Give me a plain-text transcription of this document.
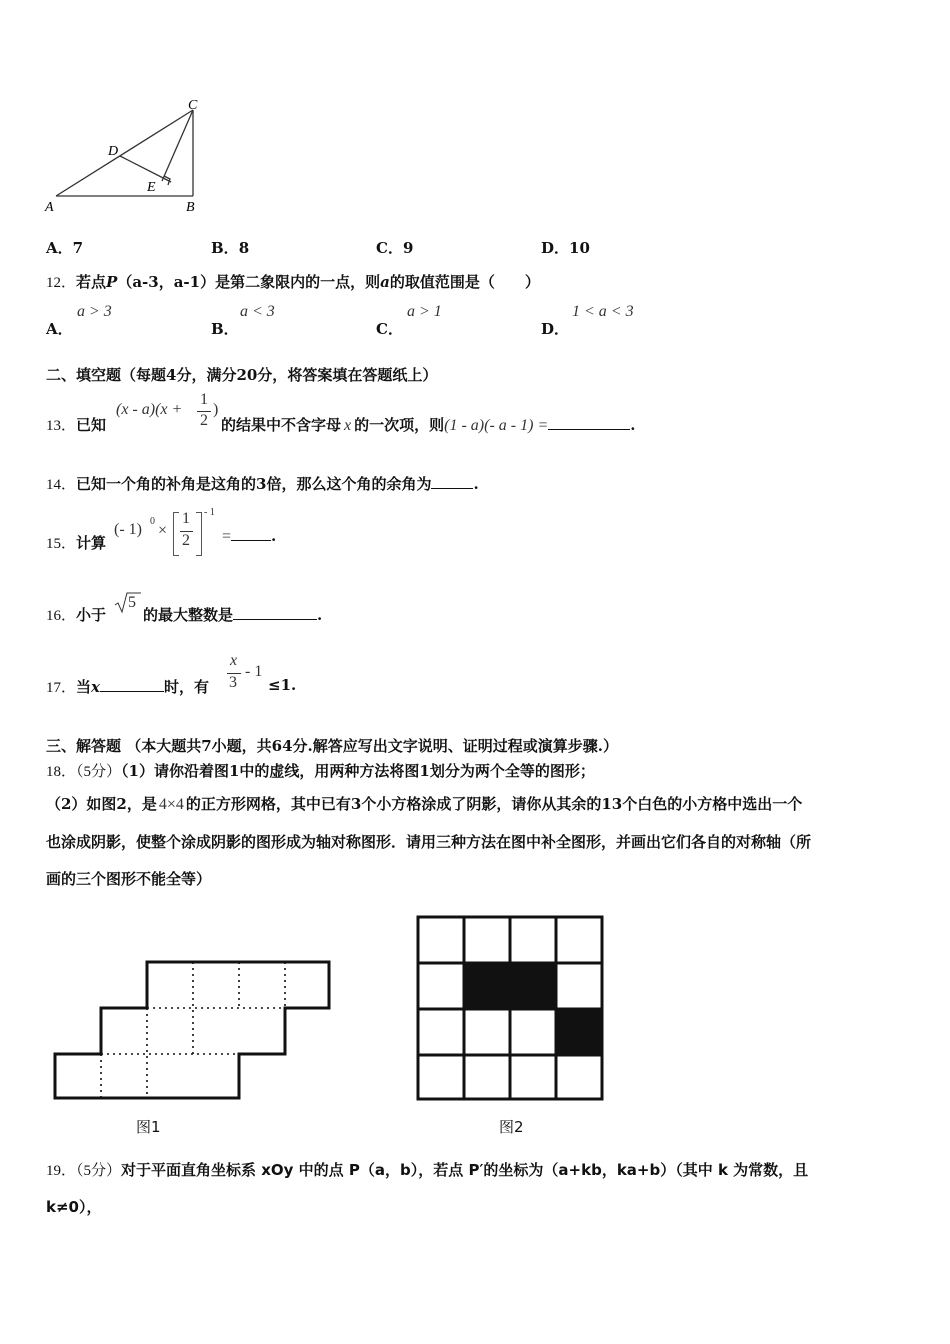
C
D
E
A	B
A．7	B．8	C．9	D．10
12．若点P（a-3，a-1）是第二象限内的一点，则a的取值范围是（　　）
A．
a > 3
B．
a < 3
C．
a > 1
D．
1 < a < 3
二、填空题（每题4分，满分20分，将答案填在答题纸上）
13．已知
(x - a)(x +
1
2
)
的结果中不含字母 x 的一次项，则(1 - a)(- a - 1) =	.
14．已知一个角的补角是这角的3倍，那么这个角的余角为	.
15．计算
(- 1) 0
×
1
2
- 1
=	.
16．小于
5
的最大整数是	.
17．当x	时，有
x
3
- 1
≤1.
三、解答题 （本大题共7小题，共64分.解答应写出文字说明、证明过程或演算步骤.）
18．（5分）（1）请你沿着图1中的虚线，用两种方法将图1划分为两个全等的图形；
（2）如图2，是 4×4 的正方形网格，其中已有3个小方格涂成了阴影，请你从其余的13个白色的小方格中选出一个
也涂成阴影，使整个涂成阴影的图形成为轴对称图形．请用三种方法在图中补全图形，并画出它们各自的对称轴（所
画的三个图形不能全等）
图1	图2
19．（5分）对于平面直角坐标系 xOy 中的点 P（a，b），若点 P′的坐标为（a+kb，ka+b）（其中 k 为常数，且
k≠0），
